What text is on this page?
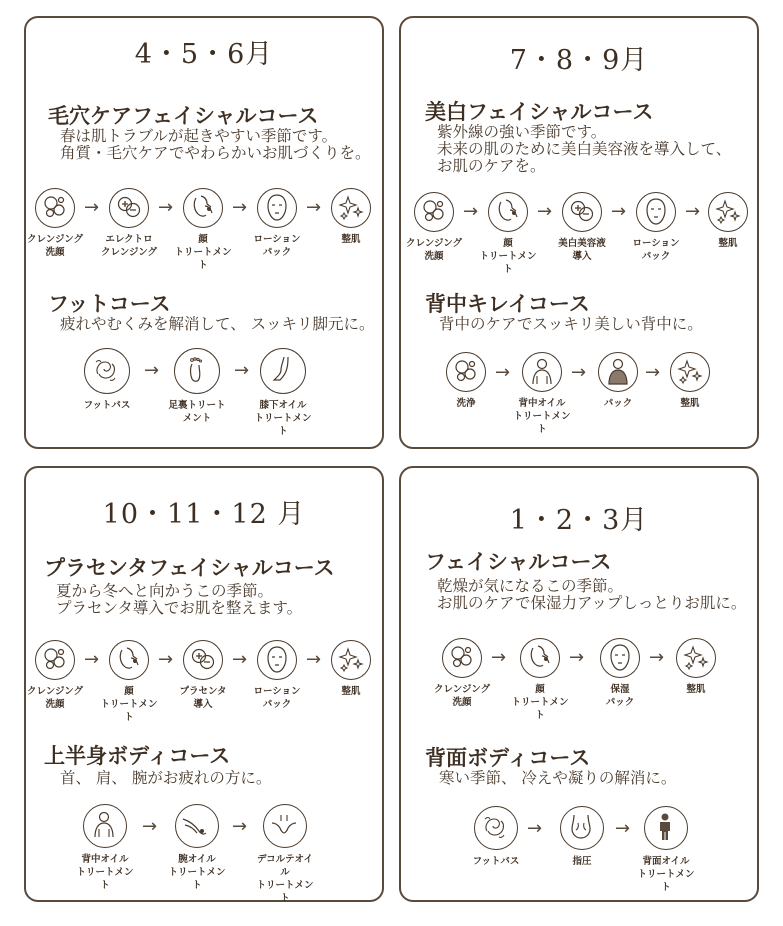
4・5・6月
毛穴ケアフェイシャルコース
春は肌トラブルが起きやすい季節です。
角質・毛穴ケアでやわらかいお肌づくりを。
クレンジング
洗顔
→
エレクトロ
クレンジング
→
顔
トリートメント
→
ローション
パック
→
整肌
フットコース
疲れやむくみを解消して、 スッキリ脚元に。
フットバス
→
足裏トリートメント
→
膝下オイル
トリートメント
7・8・9月
美白フェイシャルコース
紫外線の強い季節です。
未来の肌のために美白美容液を導入して、
お肌のケアを。
クレンジング
洗顔
→
顔
トリートメント
→
美白美容液
導入
→
ローション
パック
→
整肌
背中キレイコース
背中のケアでスッキリ美しい背中に。
洗浄
→
背中オイル
トリートメント
→
パック
→
整肌
10・11・12 月
プラセンタフェイシャルコース
夏から冬へと向かうこの季節。
プラセンタ導入でお肌を整えます。
クレンジング
洗顔
→
顔
トリートメント
→
プラセンタ
導入
→
ローション
パック
→
整肌
上半身ボディコース
首、 肩、 腕がお疲れの方に。
背中オイル
トリートメント
→
腕オイル
トリートメント
→
デコルテオイル
トリートメント
1・2・3月
フェイシャルコース
乾燥が気になるこの季節。
お肌のケアで保湿力アップしっとりお肌に。
クレンジング
洗顔
→
顔
トリートメント
→
保湿
パック
→
整肌
背面ボディコース
寒い季節、 冷えや凝りの解消に。
フットバス
→
指圧
→
背面オイル
トリートメント
